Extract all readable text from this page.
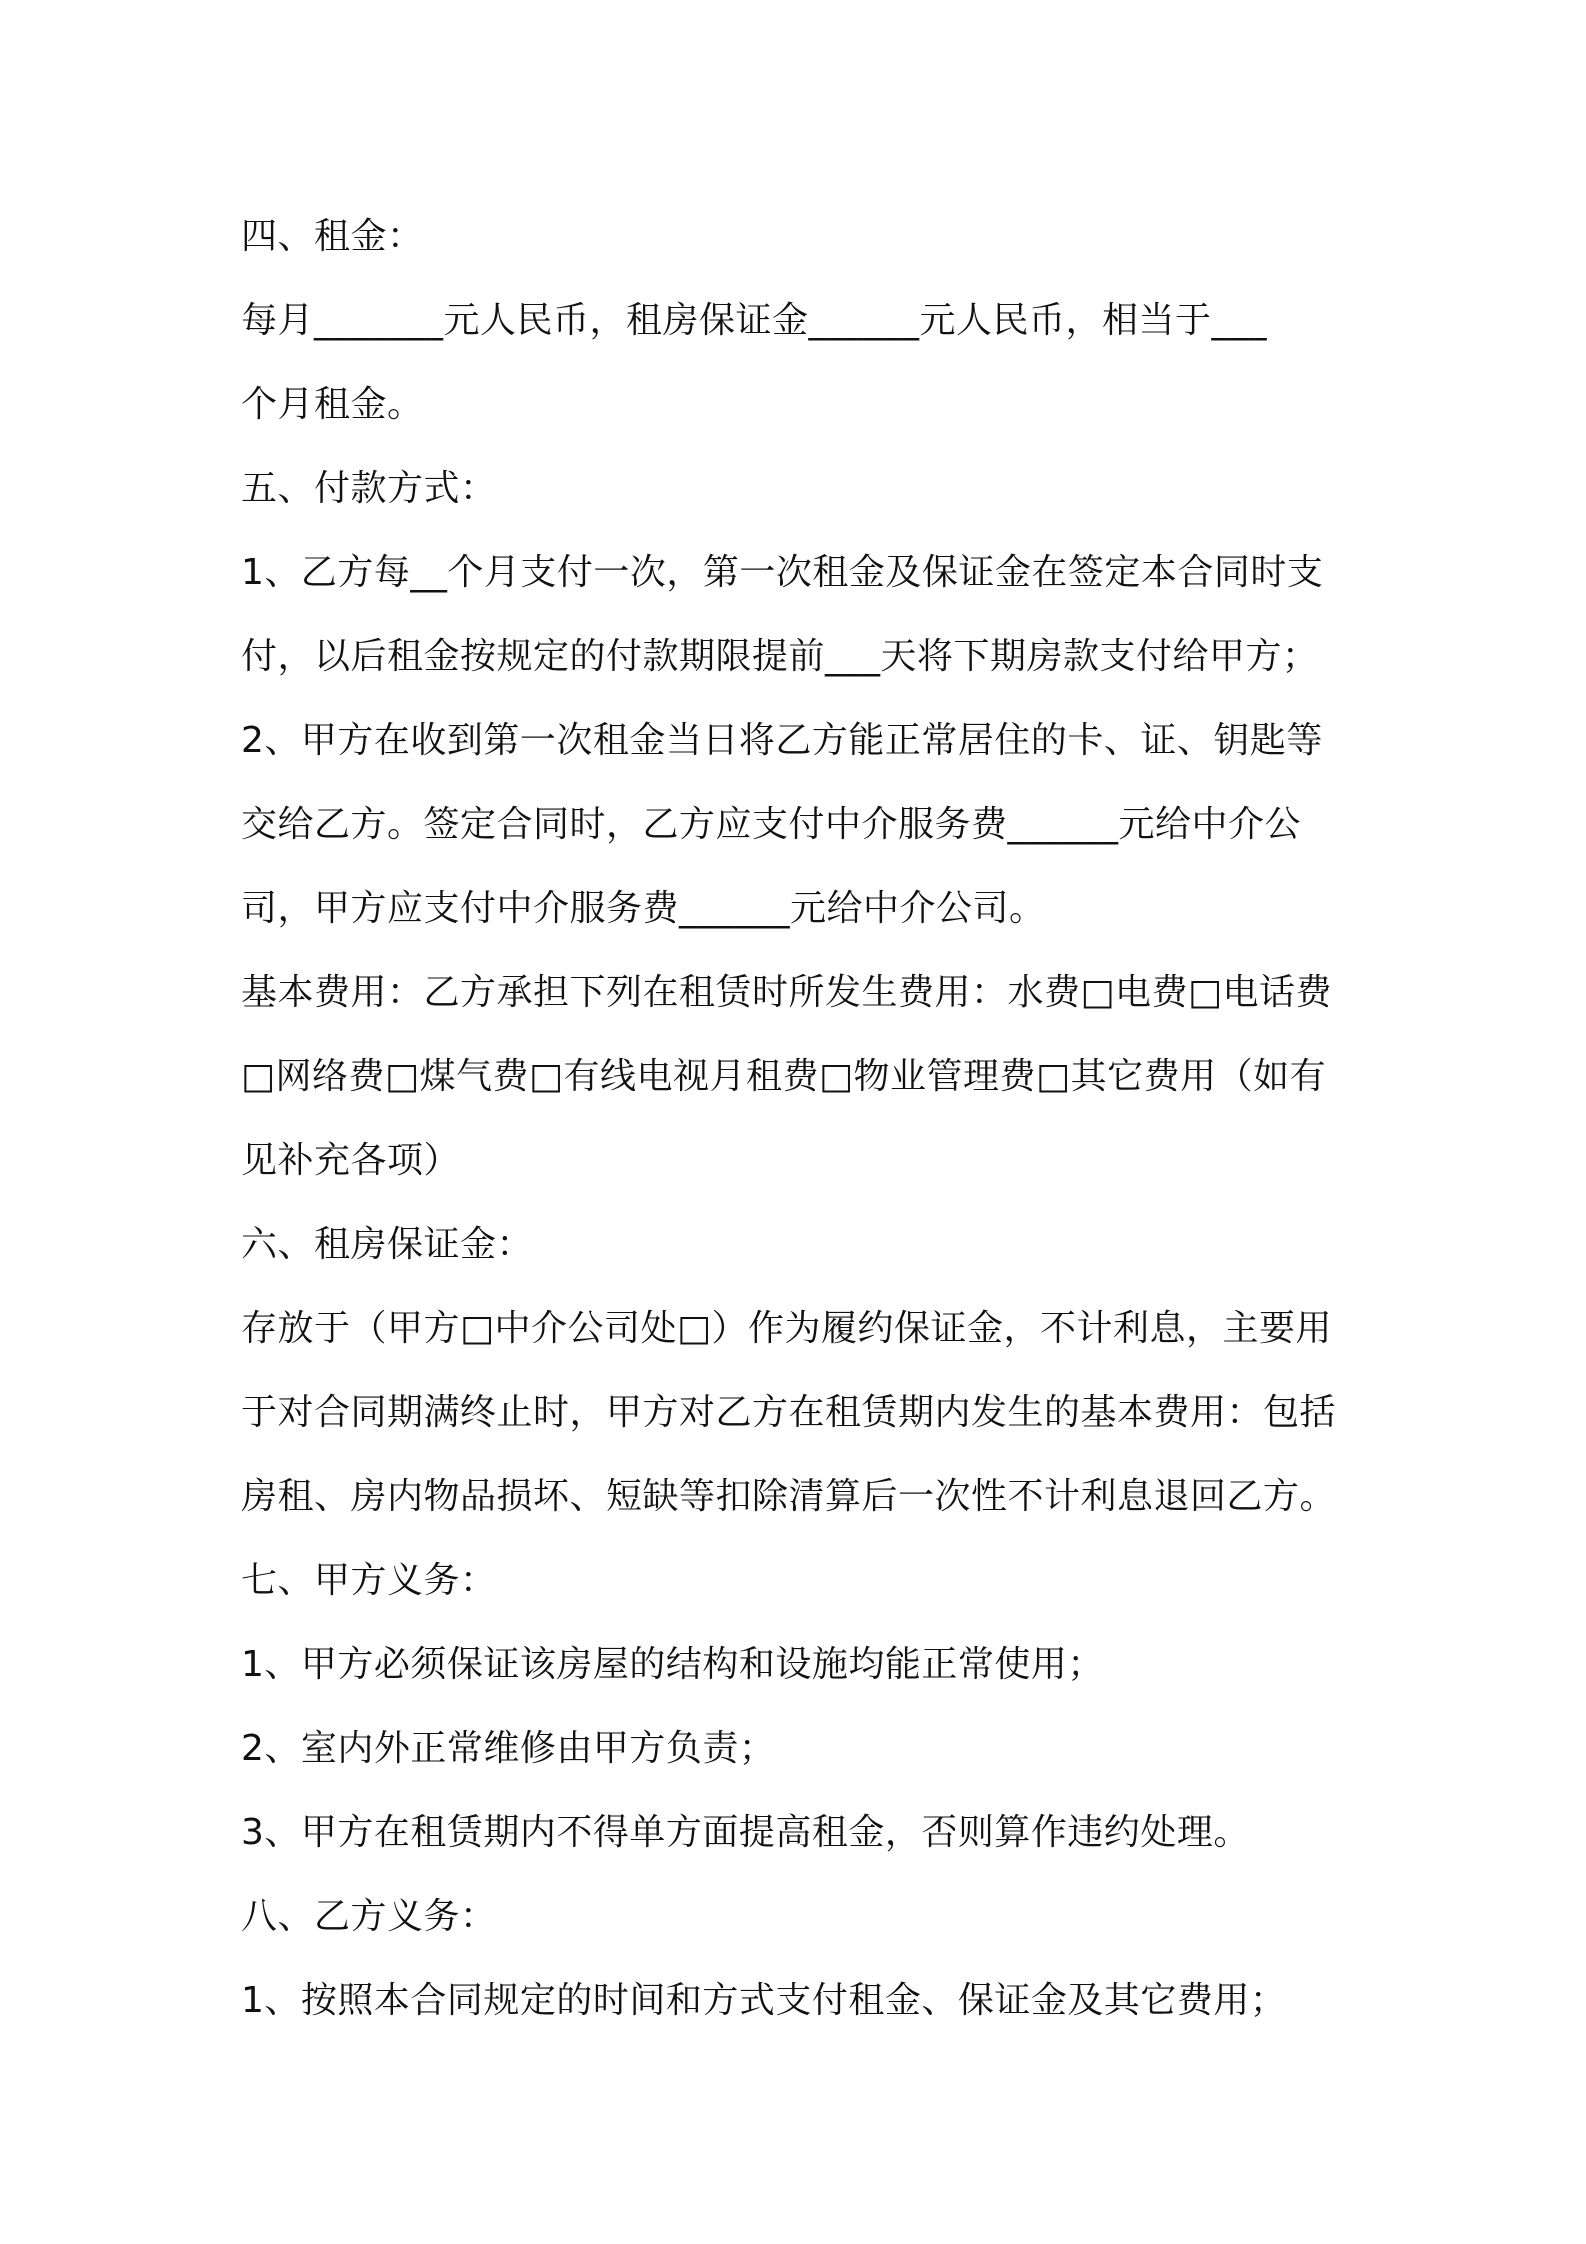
四、租金：
每月_______元人民币，租房保证金______元人民币，相当于___
个月租金。
五、付款方式：
1、乙方每__个月支付一次，第一次租金及保证金在签定本合同时支
付，以后租金按规定的付款期限提前___天将下期房款支付给甲方；
2、甲方在收到第一次租金当日将乙方能正常居住的卡、证、钥匙等
交给乙方。签定合同时，乙方应支付中介服务费______元给中介公
司，甲方应支付中介服务费______元给中介公司。
基本费用：乙方承担下列在租赁时所发生费用：水费□电费□电话费
□网络费□煤气费□有线电视月租费□物业管理费□其它费用（如有
见补充各项）
六、租房保证金：
存放于（甲方□中介公司处□）作为履约保证金，不计利息，主要用
于对合同期满终止时，甲方对乙方在租赁期内发生的基本费用：包括
房租、房内物品损坏、短缺等扣除清算后一次性不计利息退回乙方。
七、甲方义务：
1、甲方必须保证该房屋的结构和设施均能正常使用；
2、室内外正常维修由甲方负责；
3、甲方在租赁期内不得单方面提高租金，否则算作违约处理。
八、乙方义务：
1、按照本合同规定的时间和方式支付租金、保证金及其它费用；
